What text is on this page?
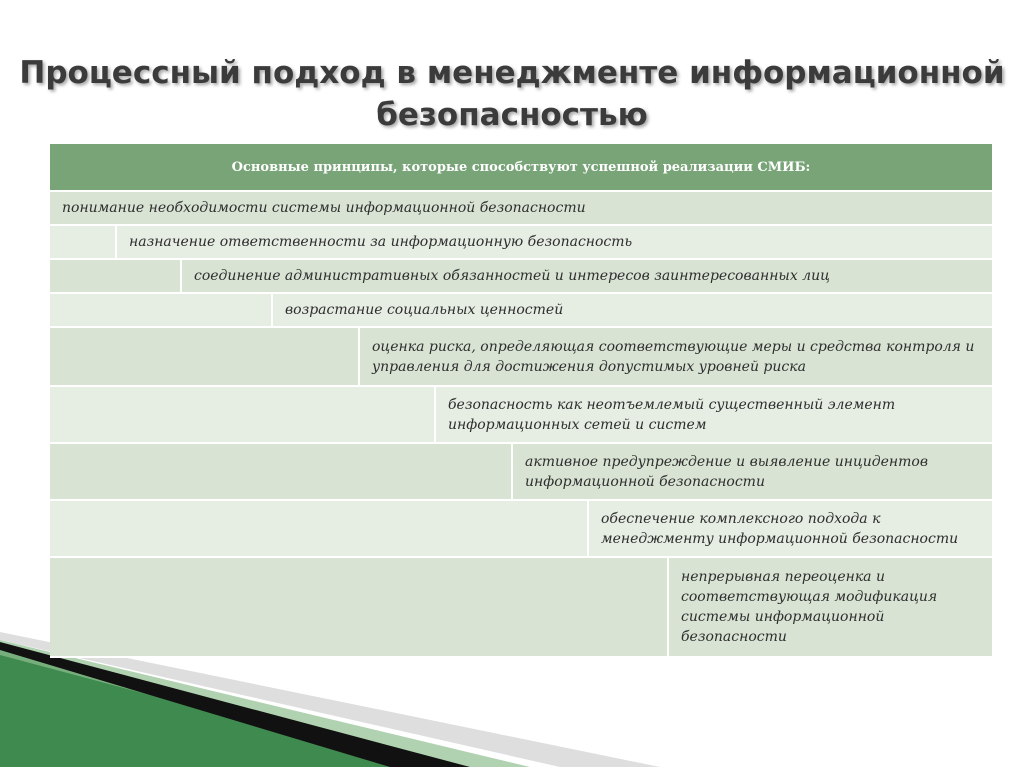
Процессный подход в менеджменте информационной безопасностью
Основные принципы, которые способствуют успешной реализации СМИБ:
понимание необходимости системы информационной безопасности
назначение ответственности за информационную безопасность
соединение административных обязанностей и интересов заинтересованных лиц
возрастание социальных ценностей
оценка риска, определяющая соответствующие меры и средства контроля и управления для достижения допустимых уровней риска
безопасность как неотъемлемый существенный элемент информационных сетей и систем
активное предупреждение и выявление инцидентов информационной безопасности
обеспечение комплексного подхода к менеджменту информационной безопасности
непрерывная переоценка и соответствующая модификация системы информационной безопасности
